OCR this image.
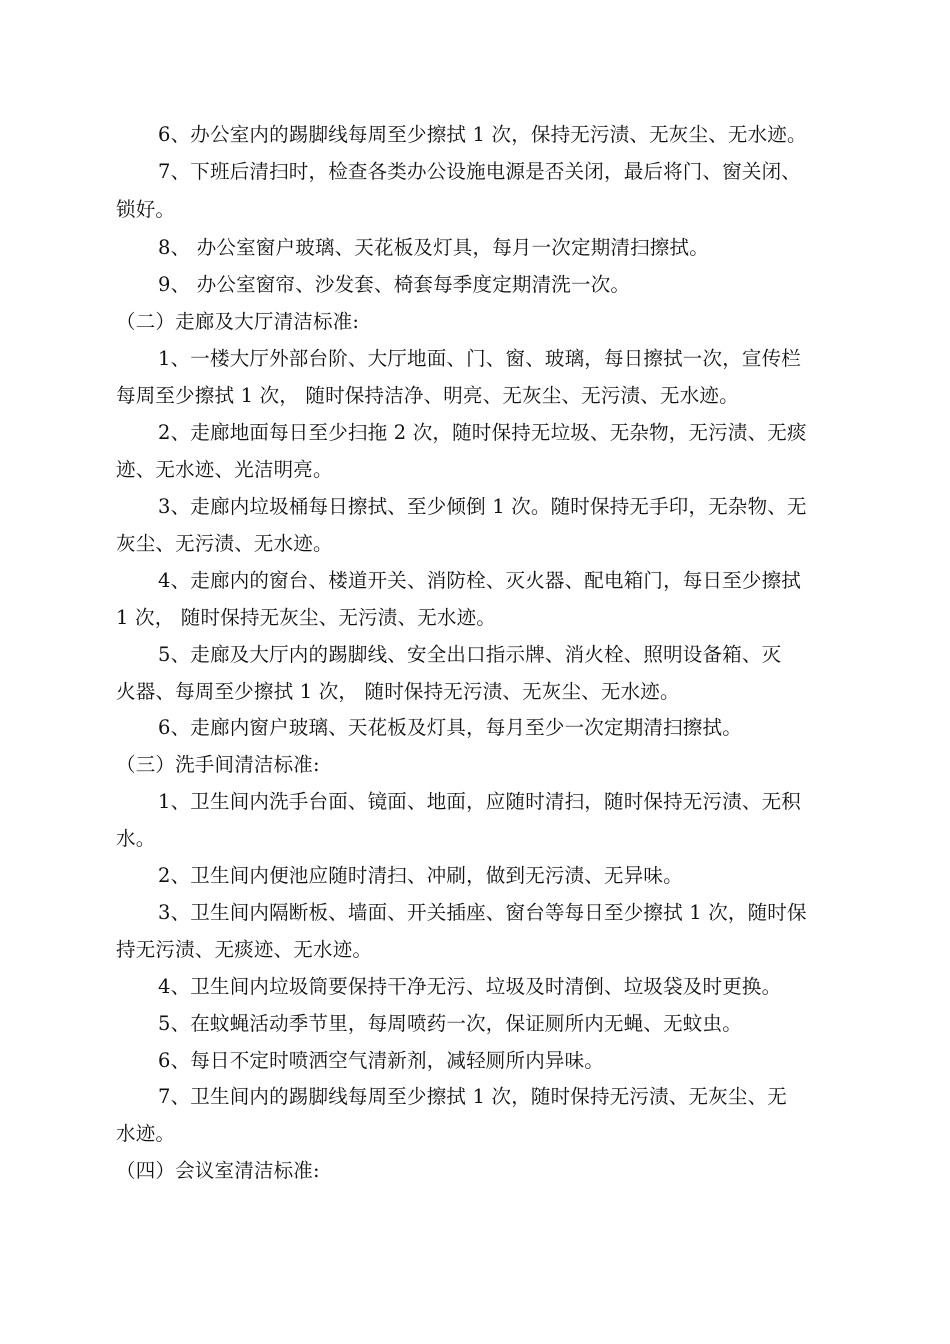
6、办公室内的踢脚线每周至少擦拭 1 次，保持无污渍、无灰尘、无水迹。
7、下班后清扫时，检查各类办公设施电源是否关闭，最后将门、窗关闭、
锁好。
8、 办公室窗户玻璃、天花板及灯具，每月一次定期清扫擦拭。
9、 办公室窗帘、沙发套、椅套每季度定期清洗一次。
（二）走廊及大厅清洁标准:
1、一楼大厅外部台阶、大厅地面、门、窗、玻璃，每日擦拭一次，宣传栏
每周至少擦拭 1 次， 随时保持洁净、明亮、无灰尘、无污渍、无水迹。
2、走廊地面每日至少扫拖 2 次，随时保持无垃圾、无杂物，无污渍、无痰
迹、无水迹、光洁明亮。
3、走廊内垃圾桶每日擦拭、至少倾倒 1 次。随时保持无手印，无杂物、无
灰尘、无污渍、无水迹。
4、走廊内的窗台、楼道开关、消防栓、灭火器、配电箱门，每日至少擦拭
1 次， 随时保持无灰尘、无污渍、无水迹。
5、走廊及大厅内的踢脚线、安全出口指示牌、消火栓、照明设备箱、灭
火器、每周至少擦拭 1 次， 随时保持无污渍、无灰尘、无水迹。
6、走廊内窗户玻璃、天花板及灯具，每月至少一次定期清扫擦拭。
（三）洗手间清洁标准:
1、卫生间内洗手台面、镜面、地面，应随时清扫，随时保持无污渍、无积
水。
2、卫生间内便池应随时清扫、冲刷，做到无污渍、无异味。
3、卫生间内隔断板、墙面、开关插座、窗台等每日至少擦拭 1 次，随时保
持无污渍、无痰迹、无水迹。
4、卫生间内垃圾筒要保持干净无污、垃圾及时清倒、垃圾袋及时更换。
5、在蚊蝇活动季节里，每周喷药一次，保证厕所内无蝇、无蚊虫。
6、每日不定时喷洒空气清新剂，减轻厕所内异味。
7、卫生间内的踢脚线每周至少擦拭 1 次，随时保持无污渍、无灰尘、无
水迹。
（四）会议室清洁标准:
